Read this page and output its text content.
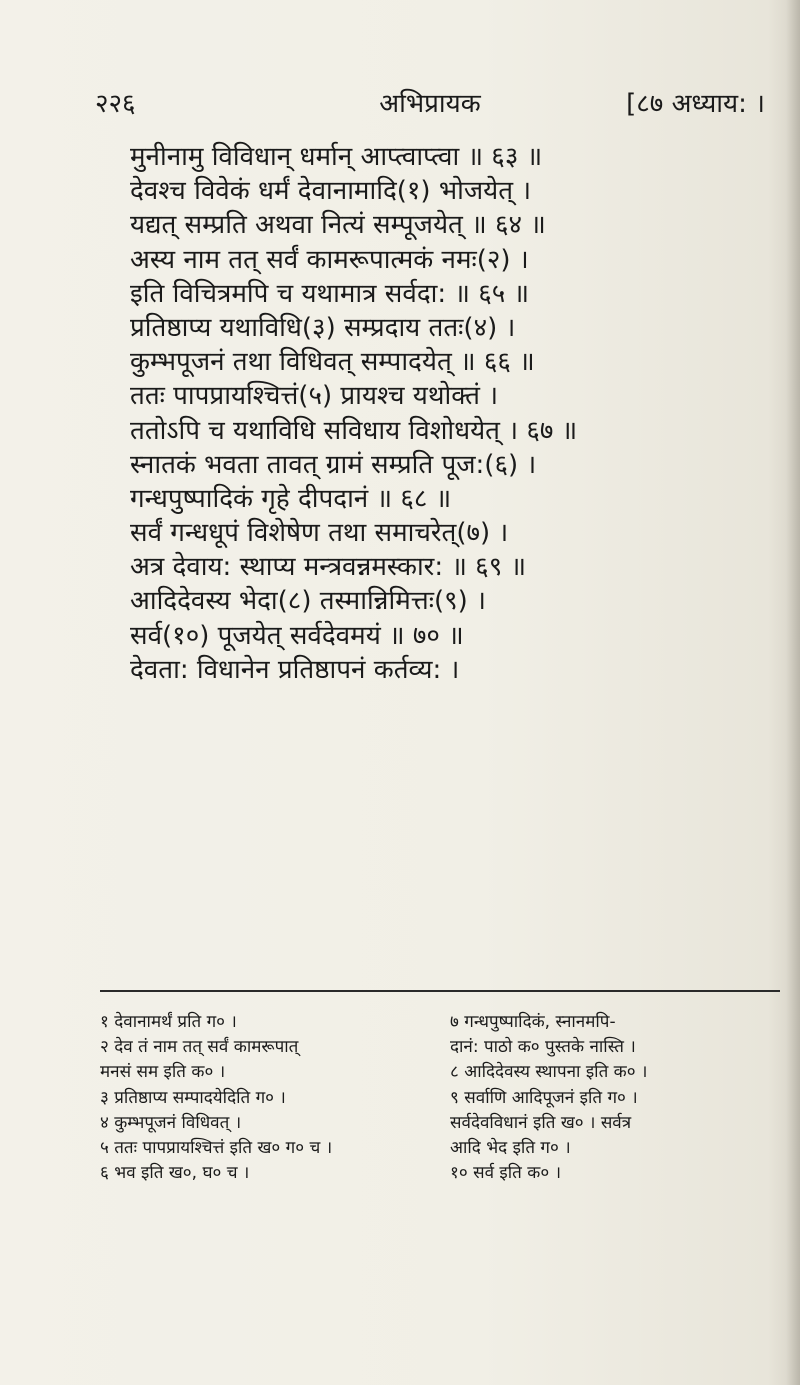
२२६	अभिप्रायक	[८७ अध्याय: ।
मुनीनामु विविधान् धर्मान् आप्त्वाप्त्वा ॥ ६३ ॥
देवश्च विवेकं धर्मं देवानामादि(१) भोजयेत् ।
यद्यत् सम्प्रति अथवा नित्यं सम्पूजयेत् ॥ ६४ ॥
अस्य नाम तत् सर्वं कामरूपात्मकं नमः(२) ।
इति विचित्रमपि च यथामात्र सर्वदा: ॥ ६५ ॥
प्रतिष्ठाप्य यथाविधि(३) सम्प्रदाय ततः(४) ।
कुम्भपूजनं तथा विधिवत् सम्पादयेत् ॥ ६६ ॥
ततः पापप्रायश्चित्तं(५) प्रायश्च यथोक्तं ।
ततोऽपि च यथाविधि सविधाय विशोधयेत् । ६७ ॥
स्नातकं भवता तावत् ग्रामं सम्प्रति पूज:(६) ।
गन्धपुष्पादिकं गृहे दीपदानं ॥ ६८ ॥
सर्वं गन्धधूपं विशेषेण तथा समाचरेत्(७) ।
अत्र देवाय: स्थाप्य मन्त्रवन्नमस्कार: ॥ ६९ ॥
आदिदेवस्य भेदा(८) तस्मान्निमित्तः(९) ।
सर्व(१०) पूजयेत् सर्वदेवमयं ॥ ७० ॥
देवता: विधानेन प्रतिष्ठापनं कर्तव्य: ।
१ देवानामर्थं प्रति ग० ।
२ देव तं नाम तत् सर्वं कामरूपात्
मनसं सम इति क० ।
३ प्रतिष्ठाप्य सम्पादयेदिति ग० ।
४ कुम्भपूजनं विधिवत् ।
५ ततः पापप्रायश्चित्तं इति ख० ग० च ।
६ भव इति ख०, घ० च ।
७ गन्धपुष्पादिकं, स्नानमपि-
दानं: पाठो क० पुस्तके नास्ति ।
८ आदिदेवस्य स्थापना इति क० ।
९ सर्वाणि आदिपूजनं इति ग० ।
सर्वदेवविधानं इति ख० । सर्वत्र
आदि भेद इति ग० ।
१० सर्व इति क० ।
